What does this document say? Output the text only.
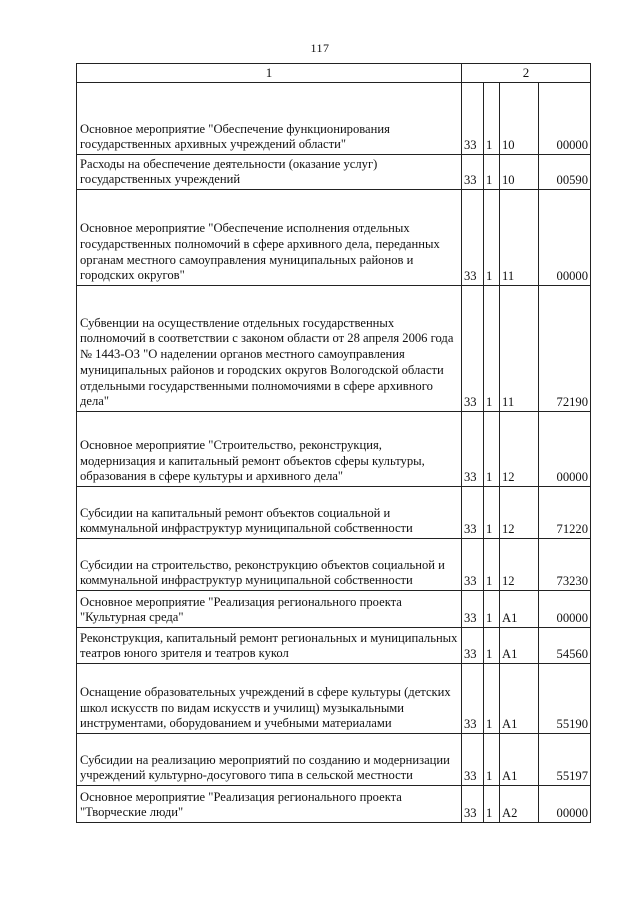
117
1	2			

Основное мероприятие "Обеспечение функционирования государственных архивных учреждений области"	33	1	10	00000

Расходы на обеспечение деятельности (оказание услуг) государственных учреждений	33	1	10	00590

Основное мероприятие "Обеспечение исполнения отдельных государственных полномочий в сфере архивного дела, переданных органам местного самоуправления муниципальных районов и городских округов"	33	1	11	00000

Субвенции на осуществление отдельных государственных полномочий в соответствии с законом области от 28 апреля 2006 года № 1443-ОЗ "О наделении органов местного самоуправления муниципальных районов и городских округов Вологодской области отдельными государственными полномочиями в сфере архивного дела"	33	1	11	72190

Основное мероприятие "Строительство, реконструкция, модернизация и капитальный ремонт объектов сферы культуры, образования в сфере культуры и архивного дела"	33	1	12	00000

Субсидии на капитальный ремонт объектов социальной и коммунальной инфраструктур муниципальной собственности	33	1	12	71220

Субсидии на строительство, реконструкцию объектов социальной и коммунальной инфраструктур муниципальной собственности	33	1	12	73230

Основное мероприятие "Реализация регионального проекта "Культурная среда"	33	1	A1	00000

Реконструкция, капитальный ремонт региональных и муниципальных театров юного зрителя и театров кукол	33	1	A1	54560

Оснащение образовательных учреждений в сфере культуры (детских школ искусств по видам искусств и училищ) музыкальными инструментами, оборудованием и учебными материалами	33	1	A1	55190

Субсидии на реализацию мероприятий по созданию и модернизации учреждений культурно-досугового типа в сельской местности	33	1	A1	55197

Основное мероприятие "Реализация регионального проекта "Творческие люди"	33	1	A2	00000
